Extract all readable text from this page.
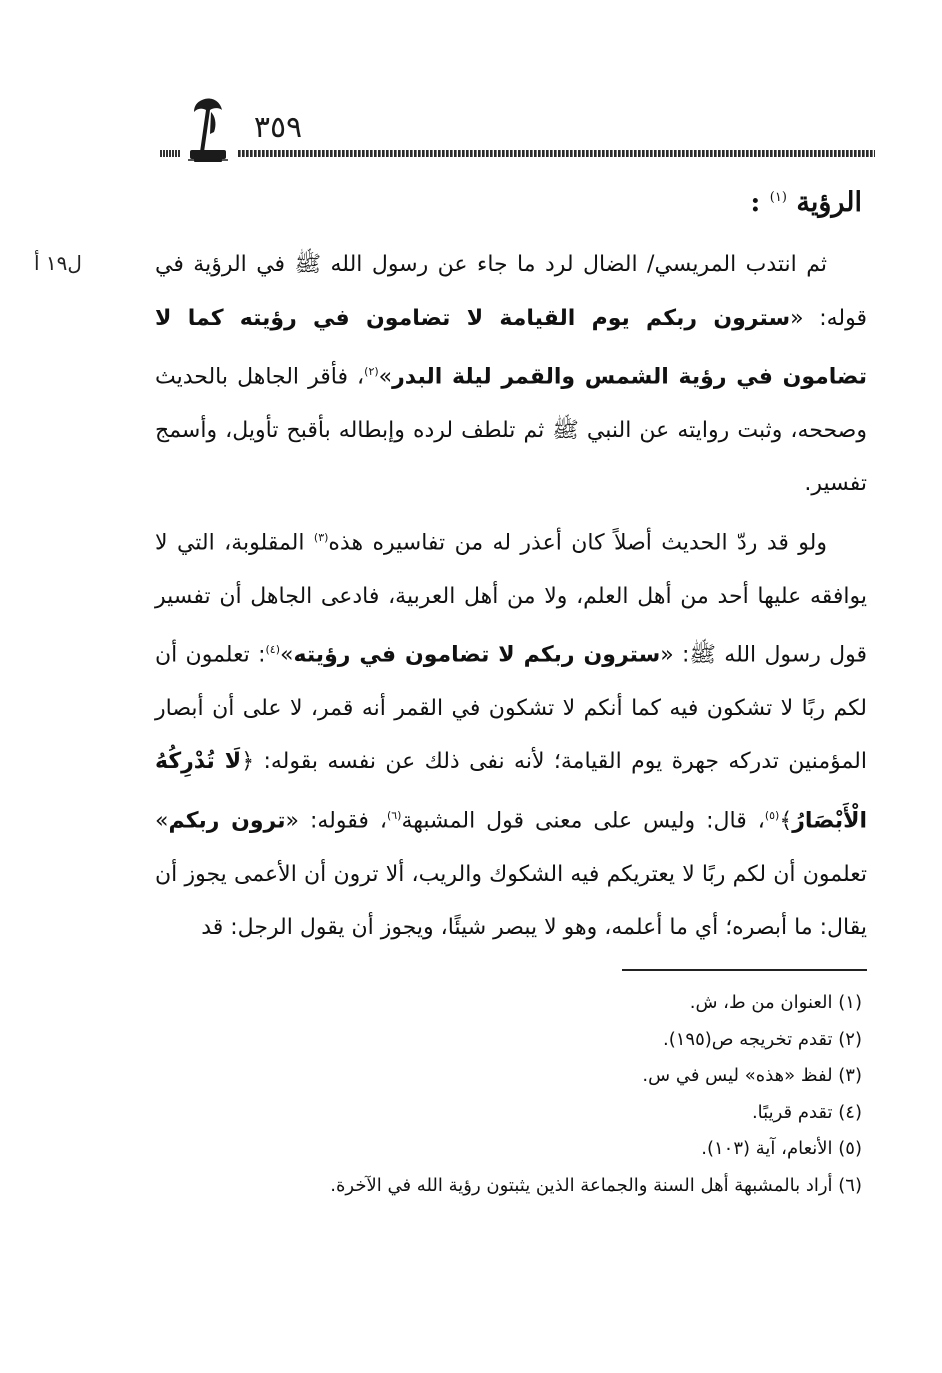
٣٥٩
الرؤية $^{(١)}$ :
ل١٩ أ	ثم انتدب المريسي/ الضال لرد ما جاء عن رسول الله ﷺ في الرؤية في قوله: «سترون ربكم يوم القيامة لا تضامون في رؤيته كما لا تضامون في رؤية الشمس والقمر ليلة البدر»$^{(٢)}$، فأقر الجاهل بالحديث وصححه، وثبت روايته عن النبي ﷺ ثم تلطف لرده وإبطاله بأقبح تأويل، وأسمج تفسير.

ولو قد ردّ الحديث أصلاً كان أعذر له من تفاسيره هذه$^{(٣)}$ المقلوبة، التي لا يوافقه عليها أحد من أهل العلم، ولا من أهل العربية، فادعى الجاهل أن تفسير قول رسول الله ﷺ: «سترون ربكم لا تضامون في رؤيته»$^{(٤)}$: تعلمون أن لكم ربًا لا تشكون فيه كما أنكم لا تشكون في القمر أنه قمر، لا على أن أبصار المؤمنين تدركه جهرة يوم القيامة؛ لأنه نفى ذلك عن نفسه بقوله: ﴿لَا تُدْرِكُهُ الْأَبْصَارُ﴾$^{(٥)}$، قال: وليس على معنى قول المشبهة$^{(٦)}$، فقوله: «ترون ربكم» تعلمون أن لكم ربًا لا يعتريكم فيه الشكوك والريب، ألا ترون أن الأعمى يجوز أن يقال: ما أبصره؛ أي ما أعلمه، وهو لا يبصر شيئًا، ويجوز أن يقول الرجل: قد

(١) العنوان من ط، ش.
(٢) تقدم تخريجه ص(١٩٥).
(٣) لفظ «هذه» ليس في س.
(٤) تقدم قريبًا.
(٥) الأنعام، آية (١٠٣).
(٦) أراد بالمشبهة أهل السنة والجماعة الذين يثبتون رؤية الله في الآخرة.
